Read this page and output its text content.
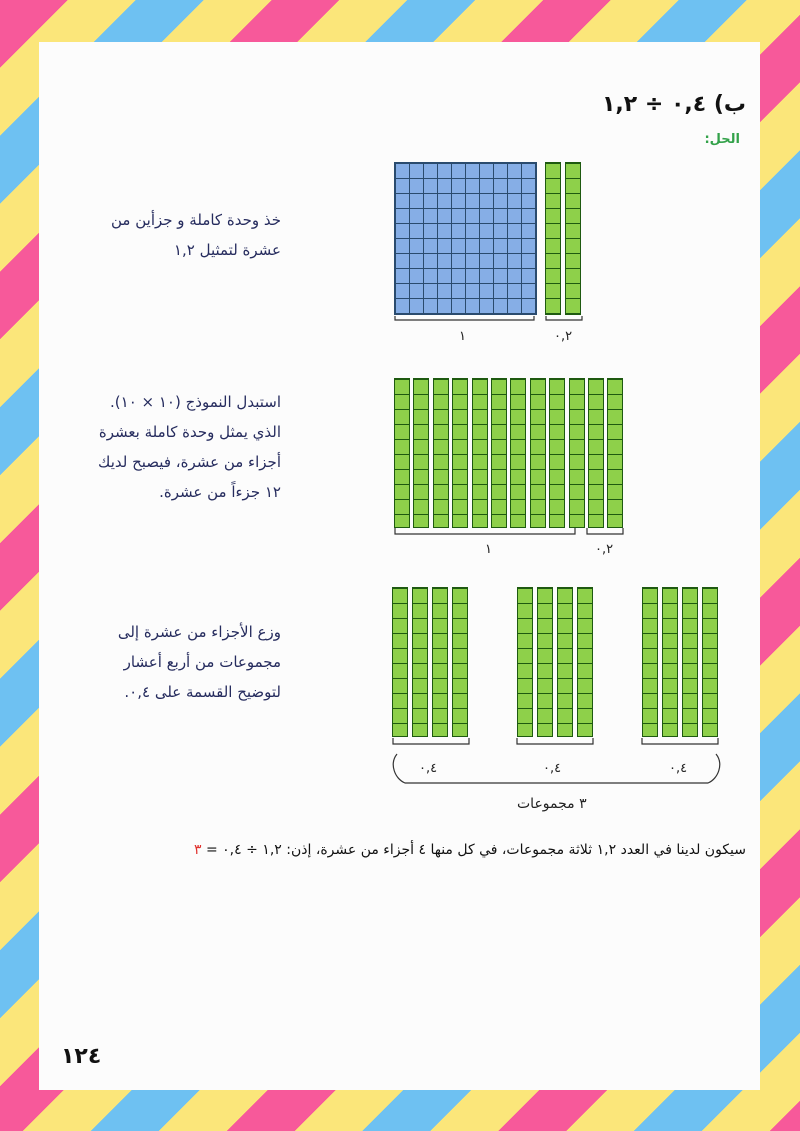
ب) ٠,٤ ÷ ١,٢
الحل:
خذ وحدة كاملة و جزأين من
عشرة لتمثيل ١,٢
١	٠,٢
استبدل النموذج (١٠ × ١٠).
الذي يمثل وحدة كاملة بعشرة
أجزاء من عشرة، فيصبح لديك
١٢ جزءاً من عشرة.
١	٠,٢
وزع الأجزاء من عشرة إلى
مجموعات من أربع أعشار
لتوضيح القسمة على ٠,٤.
٠,٤	٠,٤	٠,٤
٣ مجموعات
سيكون لدينا في العدد ١,٢ ثلاثة مجموعات، في كل منها ٤ أجزاء من عشرة، إذن: ١,٢ ÷ ٠,٤ = ٣
١٢٤
